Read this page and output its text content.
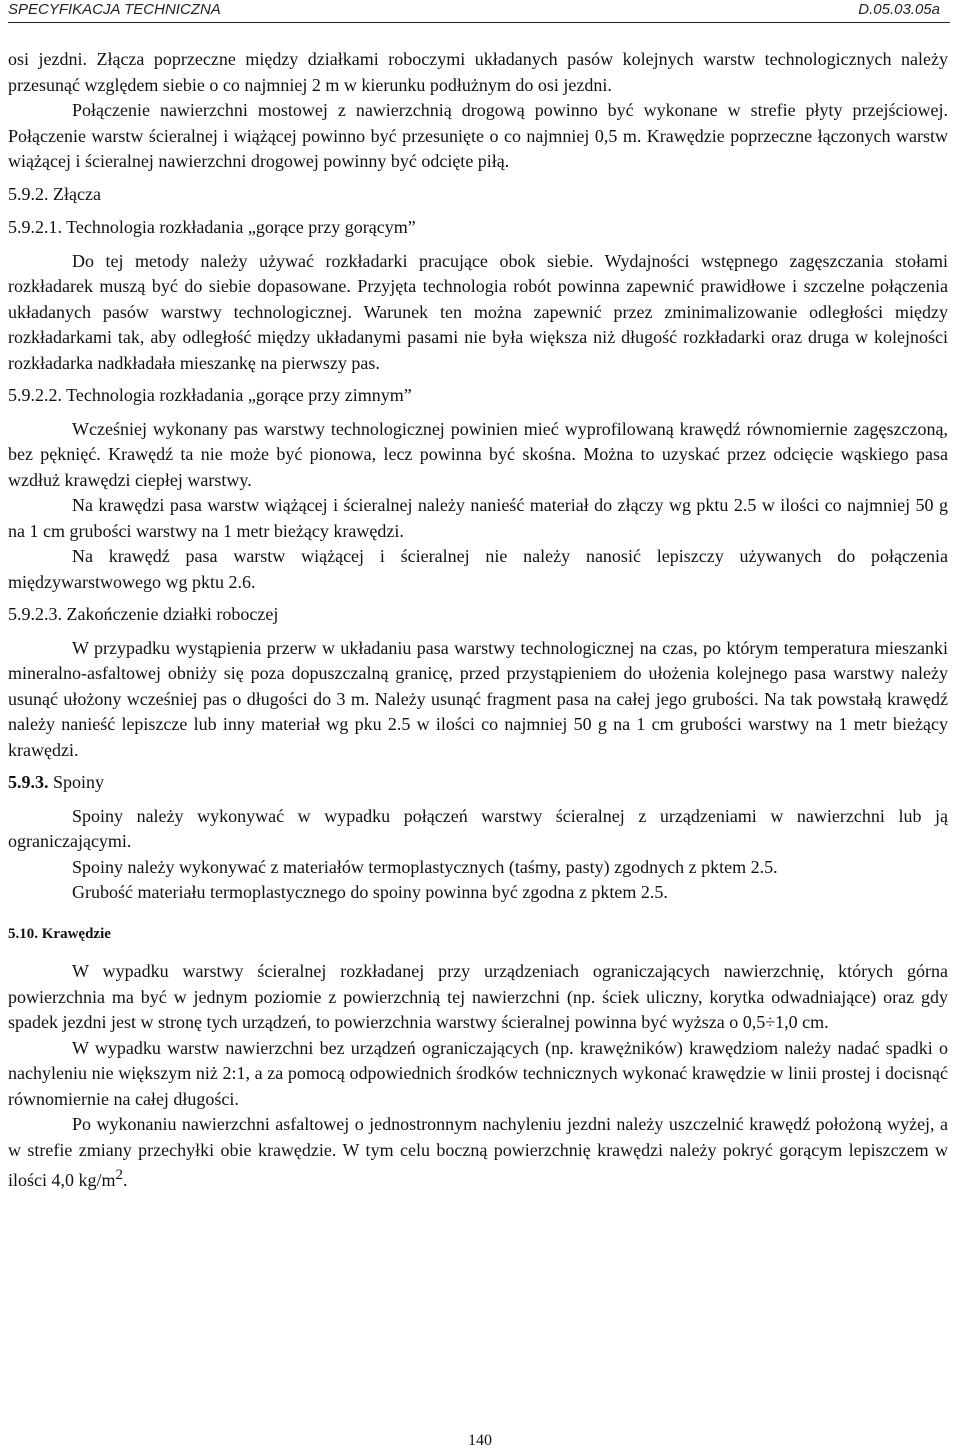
SPECYFIKACJA TECHNICZNA	D.05.03.05a

osi jezdni. Złącza poprzeczne między działkami roboczymi układanych pasów kolejnych warstw technologicznych należy przesunąć względem siebie o co najmniej 2 m w kierunku podłużnym do osi jezdni.

Połączenie nawierzchni mostowej z nawierzchnią drogową powinno być wykonane w strefie płyty przejściowej. Połączenie warstw ścieralnej i wiążącej powinno być przesunięte o co najmniej 0,5 m. Krawędzie poprzeczne łączonych warstw wiążącej i ścieralnej nawierzchni drogowej powinny być odcięte piłą.

5.9.2. Złącza

5.9.2.1. Technologia rozkładania „gorące przy gorącym”

Do tej metody należy używać rozkładarki pracujące obok siebie. Wydajności wstępnego zagęszczania stołami rozkładarek muszą być do siebie dopasowane. Przyjęta technologia robót powinna zapewnić prawidłowe i szczelne połączenia układanych pasów warstwy technologicznej. Warunek ten można zapewnić przez zminimalizowanie odległości między rozkładarkami tak, aby odległość między układanymi pasami nie była większa niż długość rozkładarki oraz druga w kolejności rozkładarka nadkładała mieszankę na pierwszy pas.

5.9.2.2. Technologia rozkładania „gorące przy zimnym”

Wcześniej wykonany pas warstwy technologicznej powinien mieć wyprofilowaną krawędź równomiernie zagęszczoną, bez pęknięć. Krawędź ta nie może być pionowa, lecz powinna być skośna. Można to uzyskać przez odcięcie wąskiego pasa wzdłuż krawędzi ciepłej warstwy.

Na krawędzi pasa warstw wiążącej i ścieralnej należy nanieść materiał do złączy wg pktu 2.5 w ilości co najmniej 50 g na 1 cm grubości warstwy na 1 metr bieżący krawędzi.

Na krawędź pasa warstw wiążącej i ścieralnej nie należy nanosić lepiszczy używanych do połączenia międzywarstwowego wg pktu 2.6.

5.9.2.3. Zakończenie działki roboczej

W przypadku wystąpienia przerw w układaniu pasa warstwy technologicznej na czas, po którym temperatura mieszanki mineralno-asfaltowej obniży się poza dopuszczalną granicę, przed przystąpieniem do ułożenia kolejnego pasa warstwy należy usunąć ułożony wcześniej pas o długości do 3 m. Należy usunąć fragment pasa na całej jego grubości. Na tak powstałą krawędź należy nanieść lepiszcze lub inny materiał wg pku 2.5 w ilości co najmniej 50 g na 1 cm grubości warstwy na 1 metr bieżący krawędzi.

5.9.3. Spoiny

Spoiny należy wykonywać w wypadku połączeń warstwy ścieralnej z urządzeniami w nawierzchni lub ją ograniczającymi.

Spoiny należy wykonywać z materiałów termoplastycznych (taśmy, pasty) zgodnych z pktem 2.5.

Grubość materiału termoplastycznego do spoiny powinna być zgodna z pktem 2.5.

5.10. Krawędzie

W wypadku warstwy ścieralnej rozkładanej przy urządzeniach ograniczających nawierzchnię, których górna powierzchnia ma być w jednym poziomie z powierzchnią tej nawierzchni (np. ściek uliczny, korytka odwadniające) oraz gdy spadek jezdni jest w stronę tych urządzeń, to powierzchnia warstwy ścieralnej powinna być wyższa o 0,5÷1,0 cm.

W wypadku warstw nawierzchni bez urządzeń ograniczających (np. krawężników) krawędziom należy nadać spadki o nachyleniu nie większym niż 2:1, a za pomocą odpowiednich środków technicznych wykonać krawędzie w linii prostej i docisnąć równomiernie na całej długości.

Po wykonaniu nawierzchni asfaltowej o jednostronnym nachyleniu jezdni należy uszczelnić krawędź położoną wyżej, a w strefie zmiany przechyłki obie krawędzie. W tym celu boczną powierzchnię krawędzi należy pokryć gorącym lepiszczem w ilości 4,0 $kg/m^2$.

140
